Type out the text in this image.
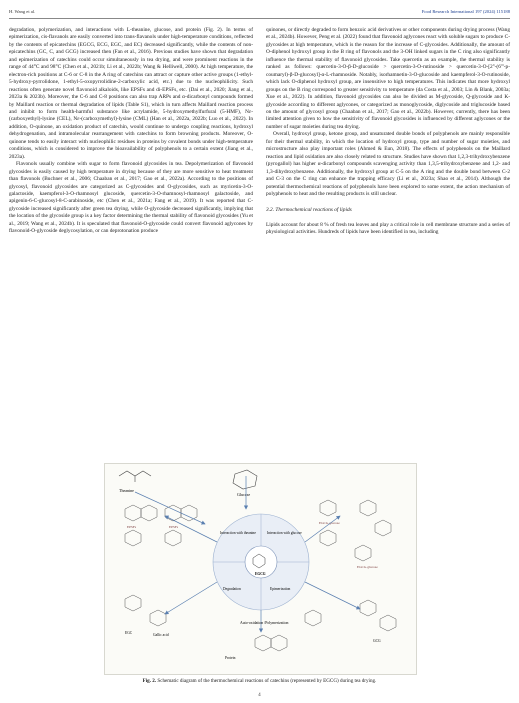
H. Wang et al.	Food Research International 197 (2024) 115188

degradation, polymerization, and interactions with L-theanine, glucose, and protein (Fig. 2). In terms of epimerization, cis-flavanols are easily converted into trans-flavanols under high-temperature conditions, reflected by the contents of epicatechins (EGCG, ECG, EGC, and EC) decreased significantly, while the contents of non-epicatechins (GC, C, and GCG) increased then (Fan et al., 2016). Previous studies have shown that degradation and epimerization of catechins could occur simultaneously in tea drying, and were prominent reactions in the range of 44°C and 98°C (Chen et al., 2021b; Li et al., 2022b; Wang & Helliwell, 2000). At high temperature, the electron-rich positions at C-6 or C-8 in the A ring of catechins can attract or capture other active groups (1-ethyl-5-hydroxy-pyrrolidone, 1-ethyl-5-oxopyrrolidine-2-carboxylic acid, etc.) due to the nucleophilicity. Such reactions often generate novel flavonoid alkaloids, like EPSFs and di-EPSFs, etc. (Dai et al., 2020; Jiang et al., 2023a & 2023b). Moreover, the C-6 and C-8 positions can also trap ARPs and α-dicarbonyl compounds formed by Maillard reaction or thermal degradation of lipids (Table S1), which in turn affects Maillard reaction process and inhibit to form health-harmful substance like acrylamide, 5-hydroxymethylfurfural (5-HMF), Nε-(carboxyethyl)-lysine (CEL), Nε-(carboxymethyl)-lysine (CML) (Han et al., 2022a, 2022b; Luo et al., 2022). In addition, O-quinone, an oxidation product of catechin, would continue to undergo coupling reactions, hydroxyl dehydrogenation, and intramolecular rearrangement with catechins to form browning products. Moreover, O-quinone tends to easily interact with nucleophilic residues in proteins by covalent bonds under high-temperature conditions, which is considered to improve the bioavailability of polyphenols to a certain extent (Jiang et al., 2023a).

Flavonols usually combine with sugar to form flavonoid glycosides in tea. Depolymerization of flavonoid glycosides is easily caused by high temperature in drying because of they are more sensitive to heat treatment than flavonols (Buchner et al., 2006; Chaaban et al., 2017; Gao et al., 2022a). According to the positions of glycosyl, flavonoid glycosides are categorized as C-glycosides and O-glycosides, such as myricetin-3-O-galactoside, kaempferol-3-O-rhamnosyl glucoside, quercetin-3-O-rhamnosyl-rhamnosyl galactoside, and apigenin-6-C-glucosyl-8-C-arabinoside, etc (Chen et al., 2021a; Fang et al., 2019). It was reported that C-glycoside increased significantly after green tea drying, while O-glycoside decreased significantly, implying that the location of the glycoside group is a key factor determining the thermal stability of flavonoid glycosides (Yu et al., 2019; Wang et al., 2024b). It is speculated that flavonoid-O-glycoside could convert flavonoid aglycones by flavonoid-O-glycoside deglycosylation, or can deprotonation produce

quinones, or directly degraded to form benzoic acid derivatives or other components during drying process (Wang et al., 2024b). However, Peng et al. (2022) found that flavonoid aglycones react with soluble sugars to produce C-glycosides at high temperature, which is the reason for the increase of C-glycosides. Additionally, the amount of O-diphenol hydroxyl group in the B ring of flavonols and the 3-OH linked sugars in the C ring also significantly influence the thermal stability of flavonoid glycosides. Take quercetin as an example, the thermal stability is ranked as follows: quercetin-3-O-β-D-glucoside > quercetin-3-O-rutinoside > quercetin-3-O-[2''-(6'''-p-coumaryl)-β-D-glucosyl]-α-L-rhamnoside. Notably, isorhamnetin-3-O-glucoside and kaempferol-3-O-rutinoside, which lack O-diphenol hydroxyl group, are insensitive to high temperatures. This indicates that more hydroxyl groups on the B ring correspond to greater sensitivity to temperature (da Costa et al., 2003; Lin & Blank, 2003a; Xue et al., 2022). In addition, flavonoid glycosides can also be divided as M-glycoside, Q-glycoside and K-glycoside according to different aglycones, or categorized as monoglycoside, diglycoside and triglucoside based on the amount of glycosyl group (Chaaban et al., 2017; Gao et al., 2022b). However, currently, there has been limited attention given to how the sensitivity of flavonoid glycosides is influenced by different aglycones or the number of sugar moieties during tea drying.

Overall, hydroxyl group, ketone group, and unsaturated double bonds of polyphenols are mainly responsible for their thermal stability, in which the location of hydroxyl group, type and number of sugar moieties, and microstructure also play important roles (Ahmed & Eun, 2018). The effects of polyphenols on the Maillard reaction and lipid oxidation are also closely related to structure. Studies have shown that 1,2,3-trihydroxybenzene (pyrogallol) has higher α-dicarbonyl compounds scavenging activity than 1,3,5-trihydroxybenzene and 1,2- and 1,3-dihydroxybenzene. Additionally, the hydroxyl group at C-5 on the A ring and the double bond between C-2 and C-3 on the C ring can enhance the trapping efficacy (Li et al., 2023a; Shao et al., 2014). Although the potential thermochemical reactions of polyphenols have been explored to some extent, the action mechanism of polyphenols to heat and the resulting products is still unclear.

3.2. Thermochemical reactions of lipids

Lipids account for about 8 % of fresh tea leaves and play a critical role in cell membrane structure and a series of physiological activities. Hundreds of lipids have been identified in tea, including

Theanine
Glucose
EPSFs	EPSFs
EGCG-glucose
EGCG-glucose
EGCG
Interaction with theanine	Interaction with glucose
Degradation	Epimerization
Auto-oxidation /Polymerization
EGC	Gallic acid
GCG
Protein
Fig. 2. Schematic diagram of the thermochemical reactions of catechins (represented by EGCG) during tea drying.
4
